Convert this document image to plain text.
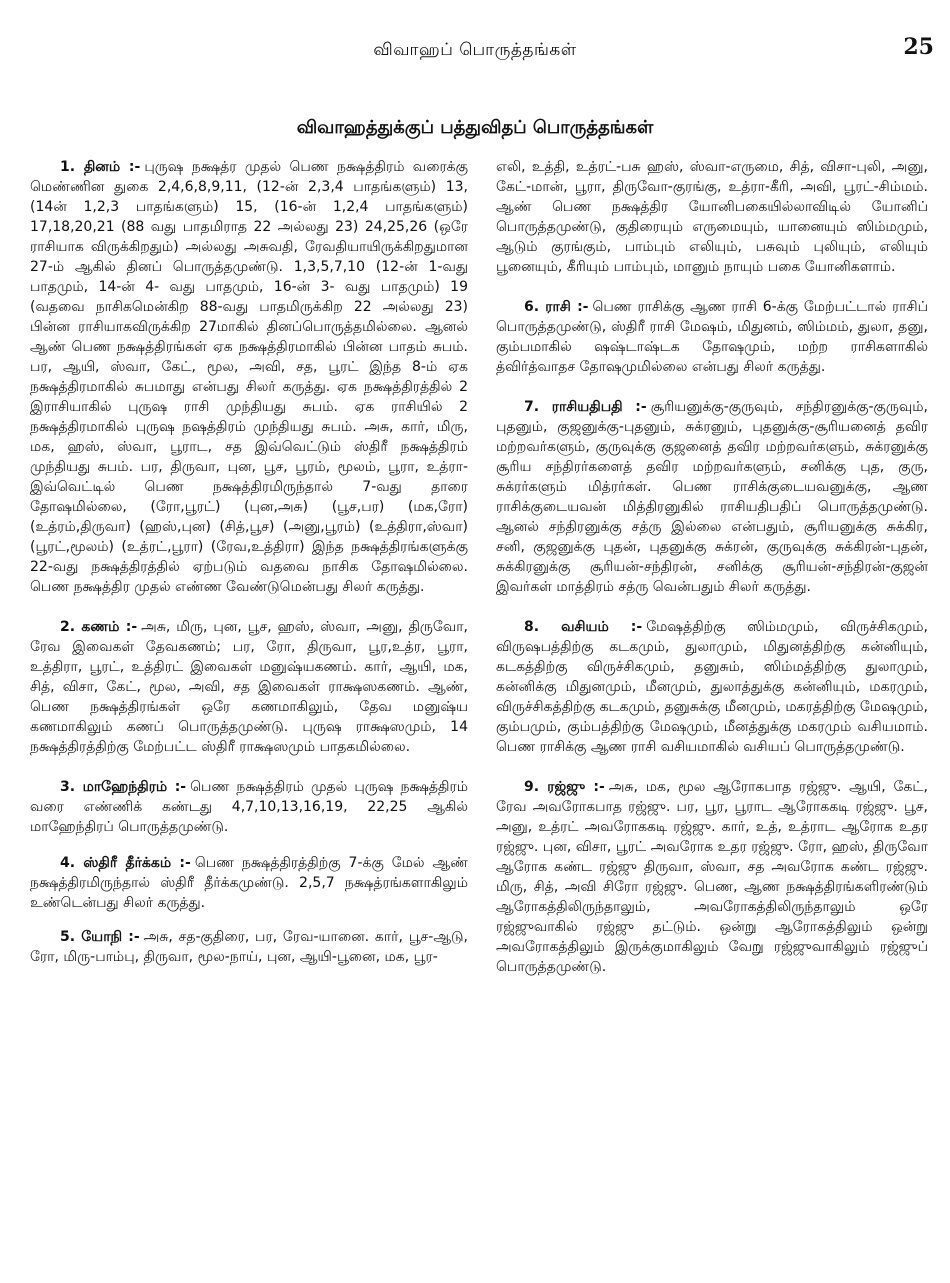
விவாஹப் பொருத்தங்கள்	25
விவாஹத்துக்குப் பத்துவிதப் பொருத்தங்கள்

1. தினம் :- புருஷ நக்ஷத்ர முதல் பெண நக்ஷத்திரம் வரைக்கு மெண்ணின துகை 2,4,6,8,9,11, (12-ன் 2,3,4 பாதங்களும்) 13, (14ன் 1,2,3 பாதங்களும்) 15, (16-ன் 1,2,4 பாதங்களும்) 17,18,20,21 (88 வது பாதமிராத 22 அல்லது 23) 24,25,26 (ஒரே ராசியாக விருக்கிறதும்) அல்லது அசுவதி, ரேவதியாயிருக்கிறதுமான 27-ம் ஆகில் தினப் பொருத்தமுண்டு. 1,3,5,7,10 (12-ன் 1-வது பாதமும், 14-ன் 4- வது பாதமும், 16-ன் 3- வது பாதமும்) 19 (வதவை நாசிகமென்கிற 88-வது பாதமிருக்கிற 22 அல்லது 23) பின்ன ராசியாகவிருக்கிற 27மாகில் தினப்பொருத்தமில்லை. ஆனல் ஆண் பெண நக்ஷத்திரங்கள் ஏக நக்ஷத்திரமாகில் பின்ன பாதம் சுபம். பர, ஆயி, ஸ்வா, கேட், மூல, அவி, சத, பூரட் இந்த 8-ம் ஏக நக்ஷத்திரமாகில் சுபமாது என்பது சிலர் கருத்து. ஏக நக்ஷத்திரத்தில் 2 இராசியாகில் புருஷ ராசி முந்தியது சுபம். ஏக ராசியில் 2 நக்ஷத்திரமாகில் புருஷ நஷத்திரம் முந்தியது சுபம். அசு, கார், மிரு, மக, ஹஸ், ஸ்வா, பூராட, சத இவ்வெட்டும் ஸ்திரீ நக்ஷத்திரம் முந்தியது சுபம். பர, திருவா, புன, பூச, பூரம், மூலம், பூரா, உத்ரா-இவ்வெட்டில் பெண நக்ஷத்திரமிருந்தால் 7-வது தாரை தோஷமில்லை, (ரோ,பூரட்) (புன,அசு) (பூச,பர) (மக,ரோ) (உத்ரம்,திருவா) (ஹஸ்,புன) (சித்,பூச) (அனு,பூரம்) (உத்திரா,ஸ்வா) (பூரட்,மூலம்) (உத்ரட்,பூரா) (ரேவ,உத்திரா) இந்த நக்ஷத்திரங்களுக்கு 22-வது நக்ஷத்திரத்தில் ஏற்படும் வதவை நாசிக தோஷமில்லை. பெண நக்ஷத்திர முதல் எண்ண வேண்டுமென்பது சிலர் கருத்து.

2. கணம் :- அசு, மிரு, புன, பூச, ஹஸ், ஸ்வா, அனு, திருவோ, ரேவ இவைகள் தேவகணம்; பர, ரோ, திருவா, பூர,உத்ர, பூரா, உத்திரா, பூரட், உத்திரட் இவைகள் மனுஷ்யகணம். கார், ஆயி, மக, சித், விசா, கேட், மூல, அவி, சத இவைகள் ராக்ஷஸகணம். ஆண், பெண நக்ஷத்திரங்கள் ஒரே கணமாகிலும், தேவ மனுஷ்ய கணமாகிலும் கணப் பொருத்தமுண்டு. புருஷ ராக்ஷஸமும், 14 நக்ஷத்திரத்திற்கு மேற்பட்ட ஸ்திரீ ராக்ஷஸமும் பாதகமில்லை.

3. மாஹேந்திரம் :- பெண நக்ஷத்திரம் முதல் புருஷ நக்ஷத்திரம் வரை எண்ணிக் கண்டது 4,7,10,13,16,19, 22,25 ஆகில் மாஹேந்திரப் பொருத்தமுண்டு.

4. ஸ்திரீ தீர்க்கம் :- பெண நக்ஷத்திரத்திற்கு 7-க்கு மேல் ஆண் நக்ஷத்திரமிருந்தால் ஸ்திரீ தீர்க்கமுண்டு. 2,5,7 நக்ஷத்ரங்களாகிலும் உண்டென்பது சிலர் கருத்து.

5. யோநி :- அசு, சத-குதிரை, பர, ரேவ-யானை. கார், பூச-ஆடு, ரோ, மிரு-பாம்பு, திருவா, மூல-நாய், புன, ஆயி-பூனை, மக, பூர-

எலி, உத்தி, உத்ரட்-பசு ஹஸ், ஸ்வா-எருமை, சித், விசா-புலி, அனு, கேட்-மான், பூரா, திருவோ-குரங்கு, உத்ரா-கீரி, அவி, பூரட்-சிம்மம். ஆண் பெண நக்ஷத்திர யோனிபகையில்லாவிடில் யோனிப் பொருத்தமுண்டு, குதிரையும் எருமையும், யானையும் ஸிம்மமும், ஆடும் குரங்கும், பாம்பும் எலியும், பசுவும் புலியும், எலியும் பூனையும், கீரியும் பாம்பும், மானும் நாயும் பகை யோனிகளாம்.

6. ராசி :- பெண ராசிக்கு ஆண ராசி 6-க்கு மேற்பட்டால் ராசிப் பொருத்தமுண்டு, ஸ்திரீ ராசி மேஷம், மிதுனம், ஸிம்மம், துலா, தனு, கும்பமாகில் ஷஷ்டாஷ்டக தோஷமும், மற்ற ராசிகளாகில் த்விர்த்வாதச தோஷமுமில்லை என்பது சிலர் கருத்து.

7. ராசியதிபதி :- சூரியனுக்கு-குருவும், சந்திரனுக்கு-குருவும், புதனும், குஜனுக்கு-புதனும், சுக்ரனும், புதனுக்கு-சூரியனைத் தவிர மற்றவர்களும், குருவுக்கு குஜனைத் தவிர மற்றவர்களும், சுக்ரனுக்கு சூரிய சந்திரர்களைத் தவிர மற்றவர்களும், சனிக்கு புத, குரு, சுக்ரர்களும் மித்ரர்கள். பெண ராசிக்குடையவனுக்கு, ஆண ராசிக்குடையவன் மித்திரனுகில் ராசியதிபதிப் பொருத்தமுண்டு. ஆனல் சந்திரனுக்கு சத்ரு இல்லை என்பதும், சூரியனுக்கு சுக்கிர, சனி, குஜனுக்கு புதன், புதனுக்கு சுக்ரன், குருவுக்கு சுக்கிரன்-புதன், சுக்கிரனுக்கு சூரியன்-சந்திரன், சனிக்கு சூரியன்-சந்திரன்-குஜன் இவர்கள் மாத்திரம் சத்ரு வென்பதும் சிலர் கருத்து.

8. வசியம் :- மேஷத்திற்கு ஸிம்மமும், விருச்சிகமும், விருஷபத்திற்கு கடகமும், துலாமும், மிதுனத்திற்கு கன்னியும், கடகத்திற்கு விருச்சிகமும், தனுசும், ஸிம்மத்திற்கு துலாமும், கன்னிக்கு மிதுனமும், மீனமும், துலாத்துக்கு கன்னியும், மகரமும், விருச்சிகத்திற்கு கடகமும், தனுசுக்கு மீனமும், மகரத்திற்கு மேஷமும், கும்பமும், கும்பத்திற்கு மேஷமும், மீனத்துக்கு மகரமும் வசியமாம். பெண ராசிக்கு ஆண ராசி வசியமாகில் வசியப் பொருத்தமுண்டு.

9. ரஜ்ஜு :- அசு, மக, மூல ஆரோகபாத ரஜ்ஜு. ஆயி, கேட், ரேவ அவரோகபாத ரஜ்ஜு. பர, பூர, பூராட ஆரோககடி ரஜ்ஜு. பூச, அனு, உத்ரட் அவரோககடி ரஜ்ஜு. கார், உத், உத்ராட ஆரோக உதர ரஜ்ஜு. புன, விசா, பூரட் அவரோக உதர ரஜ்ஜு. ரோ, ஹஸ், திருவோ ஆரோக கண்ட ரஜ்ஜு திருவா, ஸ்வா, சத அவரோக கண்ட ரஜ்ஜு. மிரு, சித், அவி சிரோ ரஜ்ஜு. பெண, ஆண நக்ஷத்திரங்களிரண்டும் ஆரோகத்திலிருந்தாலும், அவரோகத்திலிருந்தாலும் ஒரே ரஜ்ஜுவாகில் ரஜ்ஜு தட்டும். ஒன்று ஆரோகத்திலும் ஒன்று அவரோகத்திலும் இருக்குமாகிலும் வேறு ரஜ்ஜுவாகிலும் ரஜ்ஜுப் பொருத்தமுண்டு.
